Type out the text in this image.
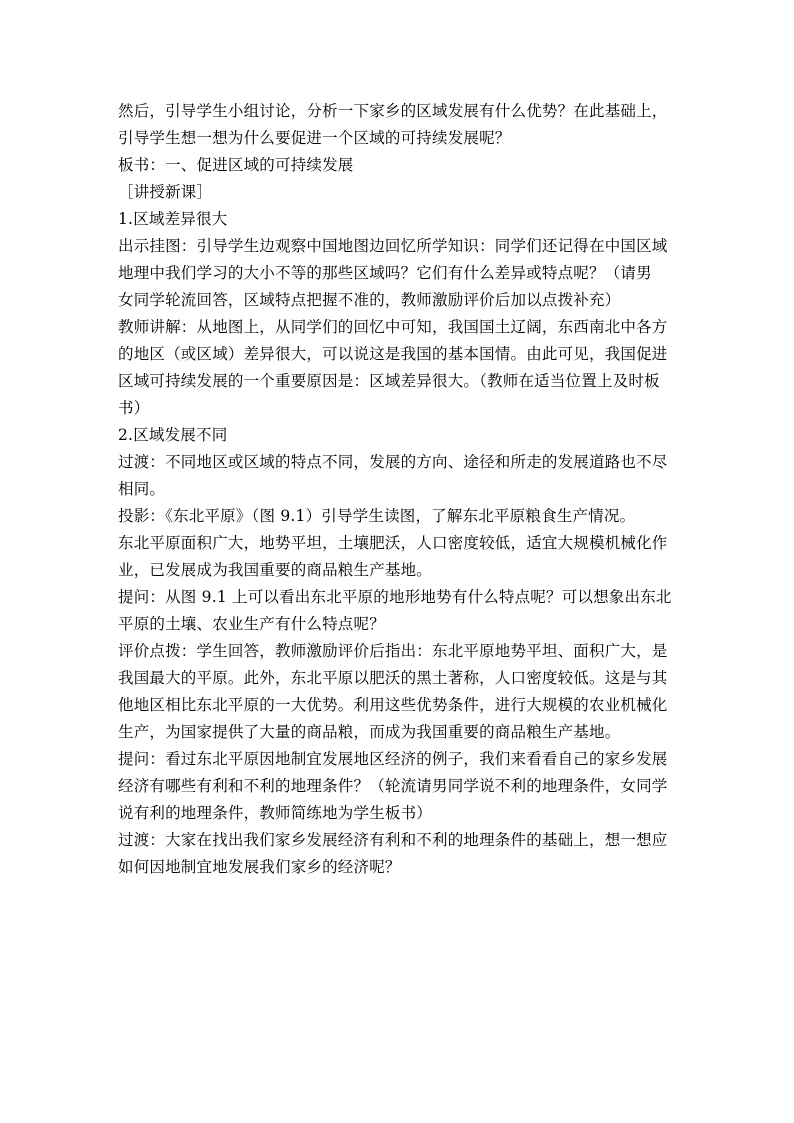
然后，引导学生小组讨论，分析一下家乡的区域发展有什么优势？在此基础上，
引导学生想一想为什么要促进一个区域的可持续发展呢？
板书：一、促进区域的可持续发展
［讲授新课］
1.区域差异很大
出示挂图：引导学生边观察中国地图边回忆所学知识：同学们还记得在中国区域
地理中我们学习的大小不等的那些区域吗？它们有什么差异或特点呢？（请男
女同学轮流回答，区域特点把握不准的，教师激励评价后加以点拨补充）
教师讲解：从地图上，从同学们的回忆中可知，我国国土辽阔，东西南北中各方
的地区（或区域）差异很大，可以说这是我国的基本国情。由此可见，我国促进
区域可持续发展的一个重要原因是：区域差异很大。（教师在适当位置上及时板
书）
2.区域发展不同
过渡：不同地区或区域的特点不同，发展的方向、途径和所走的发展道路也不尽
相同。
投影：《东北平原》（图 9.1）引导学生读图，了解东北平原粮食生产情况。
东北平原面积广大，地势平坦，土壤肥沃，人口密度较低，适宜大规模机械化作
业，已发展成为我国重要的商品粮生产基地。
提问：从图 9.1 上可以看出东北平原的地形地势有什么特点呢？可以想象出东北
平原的土壤、农业生产有什么特点呢？
评价点拨：学生回答，教师激励评价后指出：东北平原地势平坦、面积广大，是
我国最大的平原。此外，东北平原以肥沃的黑土著称，人口密度较低。这是与其
他地区相比东北平原的一大优势。利用这些优势条件，进行大规模的农业机械化
生产，为国家提供了大量的商品粮，而成为我国重要的商品粮生产基地。
提问：看过东北平原因地制宜发展地区经济的例子，我们来看看自己的家乡发展
经济有哪些有利和不利的地理条件？（轮流请男同学说不利的地理条件，女同学
说有利的地理条件，教师简练地为学生板书）
过渡：大家在找出我们家乡发展经济有利和不利的地理条件的基础上，想一想应
如何因地制宜地发展我们家乡的经济呢？
